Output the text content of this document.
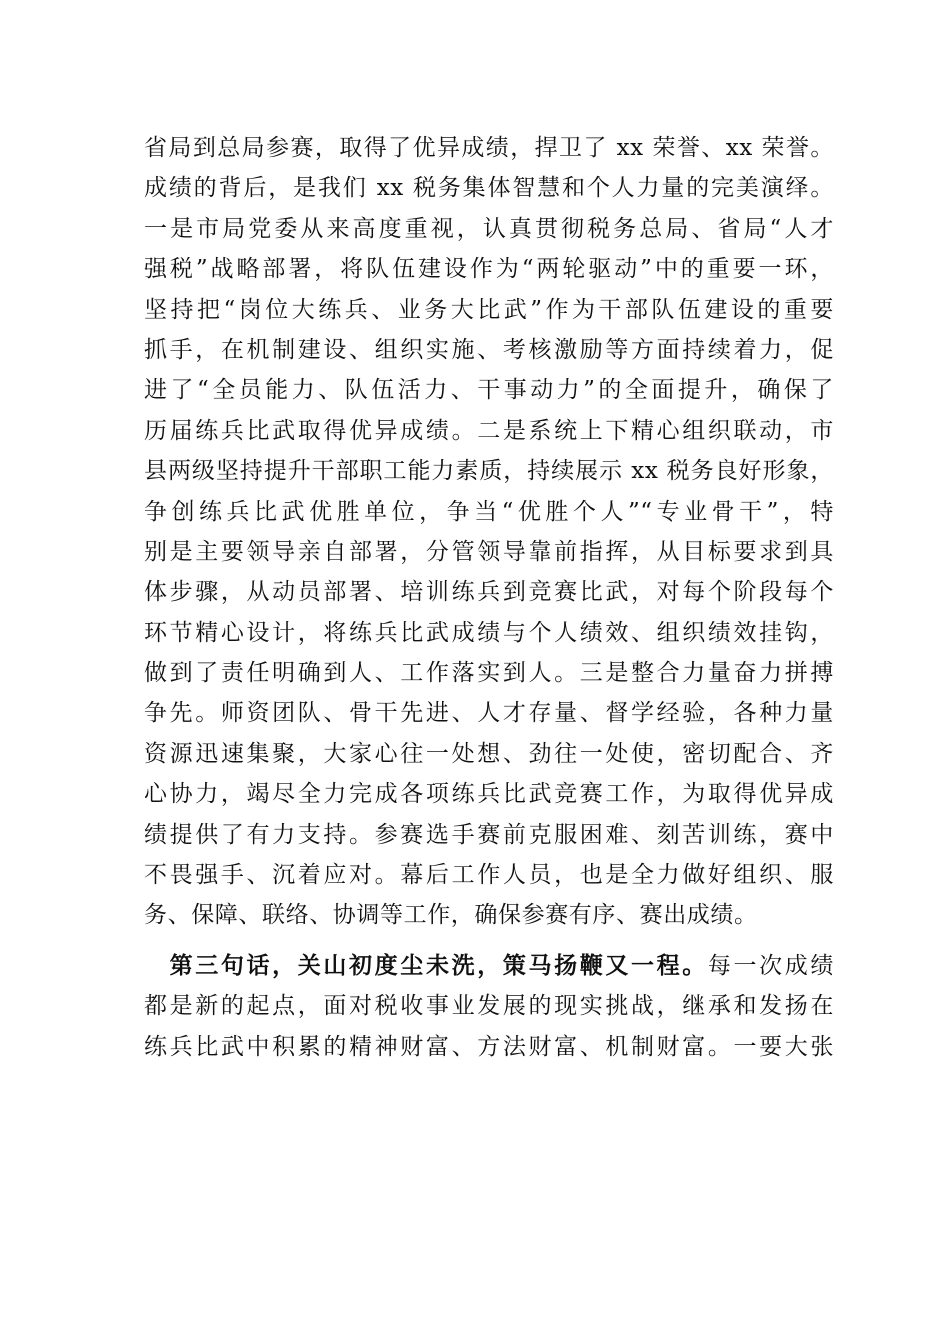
省局到总局参赛，取得了优异成绩，捍卫了 xx 荣誉、xx 荣誉。
成绩的背后，是我们 xx 税务集体智慧和个人力量的完美演绎。
一是市局党委从来高度重视，认真贯彻税务总局、省局“人才
强税”战略部署，将队伍建设作为“两轮驱动”中的重要一环，
坚持把“岗位大练兵、业务大比武”作为干部队伍建设的重要
抓手，在机制建设、组织实施、考核激励等方面持续着力，促
进了“全员能力、队伍活力、干事动力”的全面提升，确保了
历届练兵比武取得优异成绩。二是系统上下精心组织联动，市
县两级坚持提升干部职工能力素质，持续展示 xx 税务良好形象，
争创练兵比武优胜单位，争当“优胜个人”“专业骨干”，特
别是主要领导亲自部署，分管领导靠前指挥，从目标要求到具
体步骤，从动员部署、培训练兵到竞赛比武，对每个阶段每个
环节精心设计，将练兵比武成绩与个人绩效、组织绩效挂钩，
做到了责任明确到人、工作落实到人。三是整合力量奋力拼搏
争先。师资团队、骨干先进、人才存量、督学经验，各种力量
资源迅速集聚，大家心往一处想、劲往一处使，密切配合、齐
心协力，竭尽全力完成各项练兵比武竞赛工作，为取得优异成
绩提供了有力支持。参赛选手赛前克服困难、刻苦训练，赛中
不畏强手、沉着应对。幕后工作人员，也是全力做好组织、服
务、保障、联络、协调等工作，确保参赛有序、赛出成绩。
 第三句话，关山初度尘未洗，策马扬鞭又一程。每一次成绩
都是新的起点，面对税收事业发展的现实挑战，继承和发扬在
练兵比武中积累的精神财富、方法财富、机制财富。一要大张
